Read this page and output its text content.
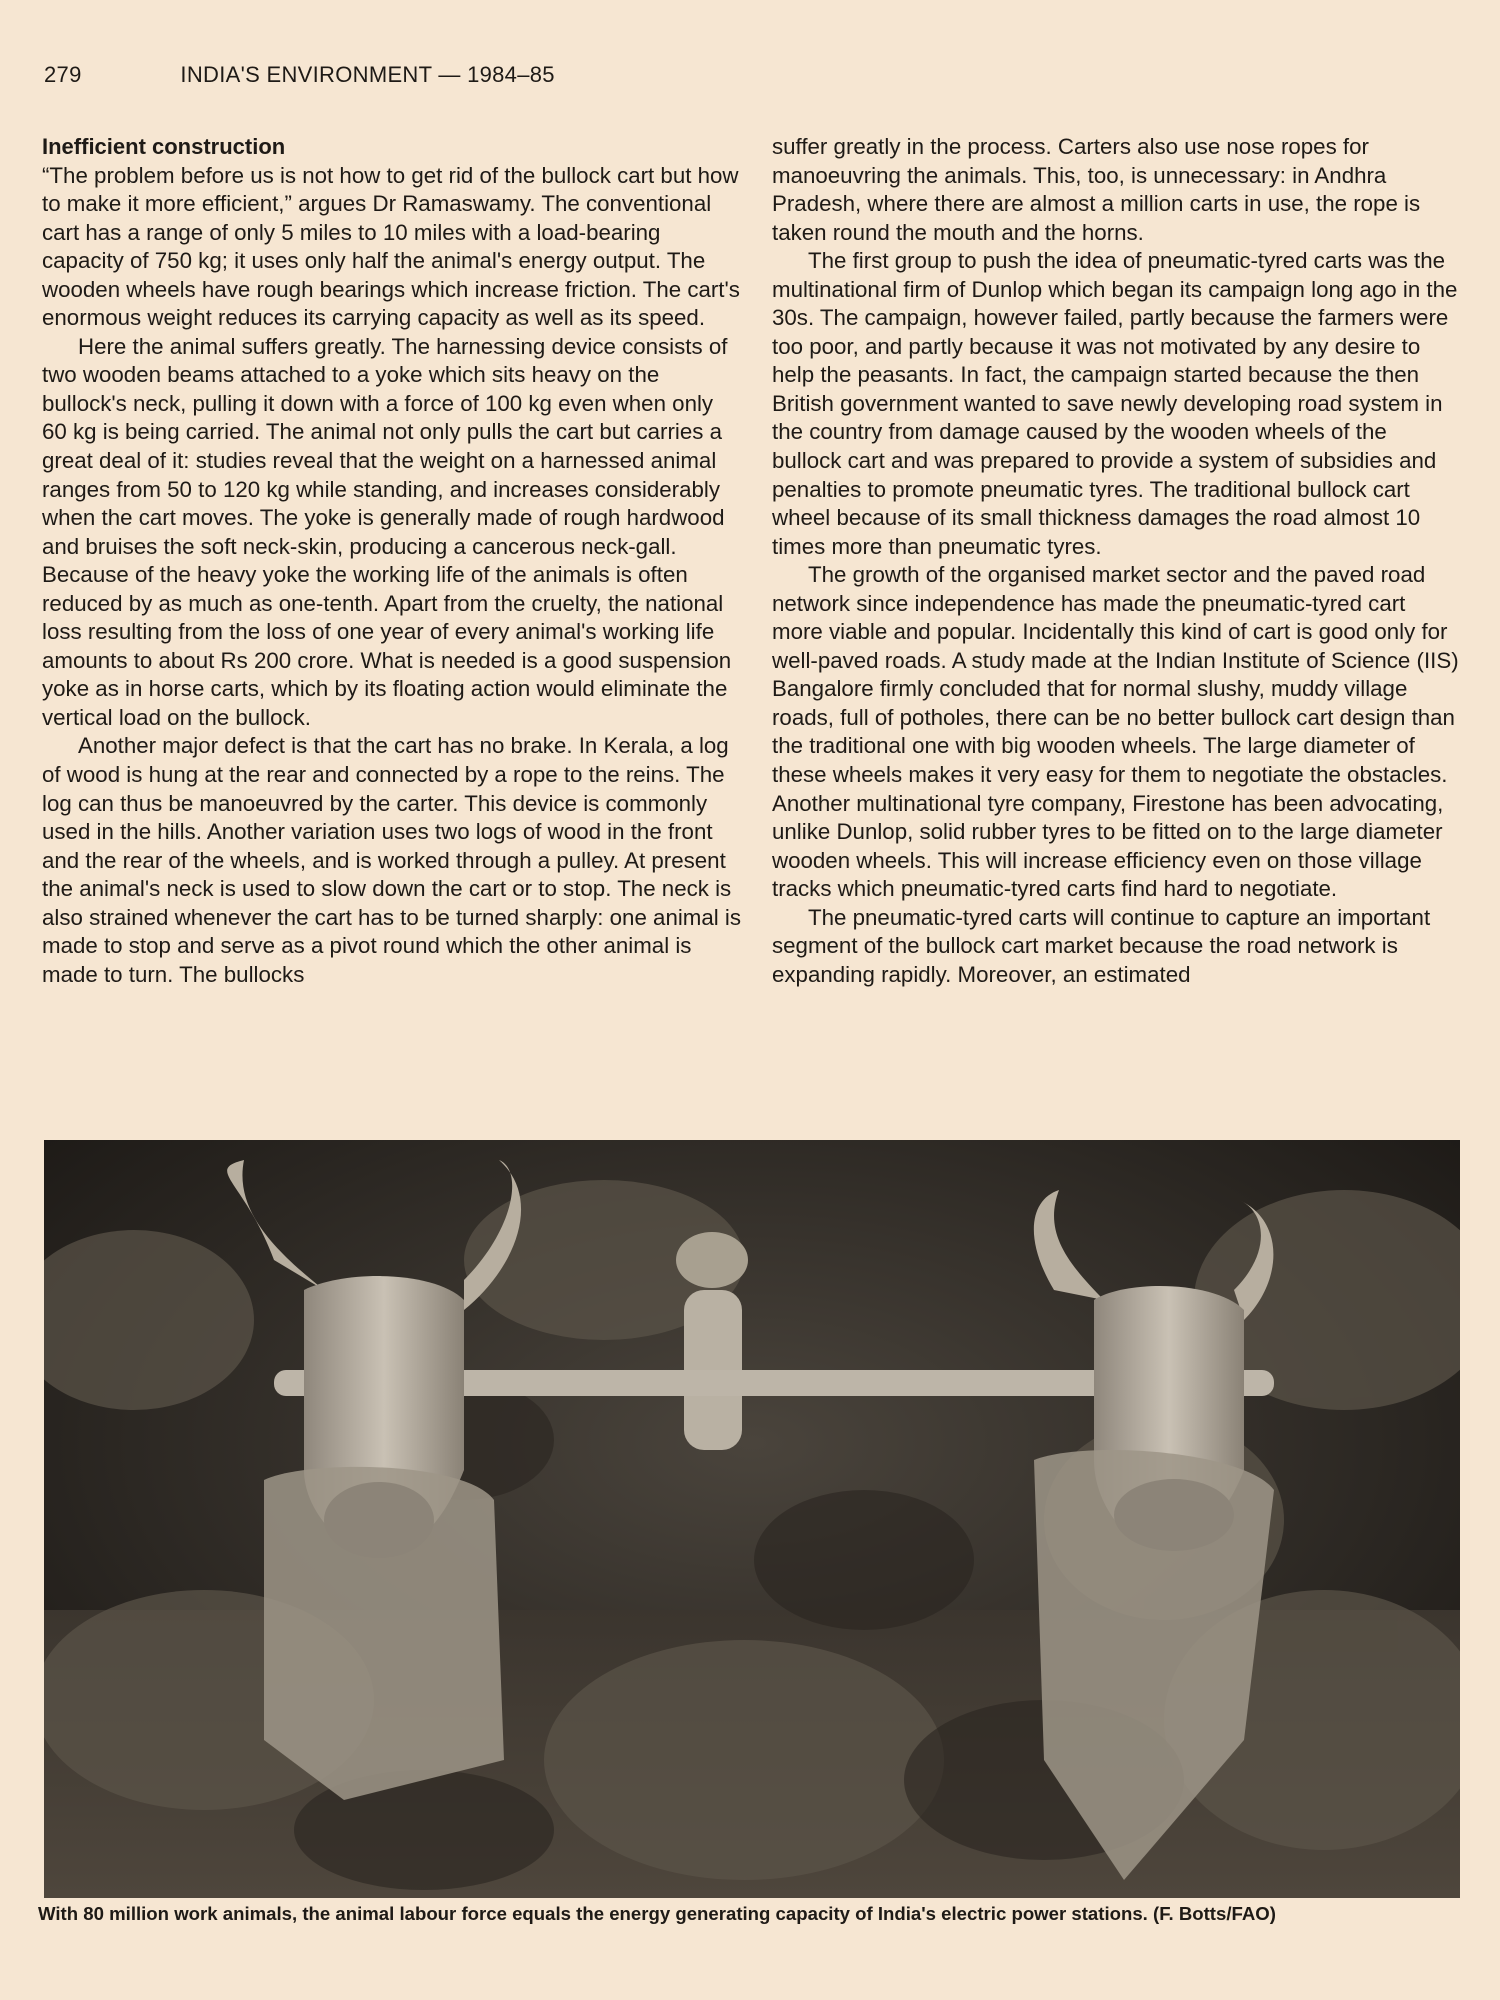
279	INDIA'S ENVIRONMENT — 1984–85
Inefficient construction

“The problem before us is not how to get rid of the bullock cart but how to make it more efficient,” argues Dr Ramaswamy. The conventional cart has a range of only 5 miles to 10 miles with a load-bearing capacity of 750 kg; it uses only half the animal's energy output. The wooden wheels have rough bearings which increase friction. The cart's enormous weight reduces its carrying capacity as well as its speed.

Here the animal suffers greatly. The harnessing device consists of two wooden beams attached to a yoke which sits heavy on the bullock's neck, pulling it down with a force of 100 kg even when only 60 kg is being carried. The animal not only pulls the cart but carries a great deal of it: studies reveal that the weight on a harnessed animal ranges from 50 to 120 kg while standing, and increases considerably when the cart moves. The yoke is generally made of rough hardwood and bruises the soft neck-skin, producing a cancerous neck-gall. Because of the heavy yoke the working life of the animals is often reduced by as much as one-tenth. Apart from the cruelty, the national loss resulting from the loss of one year of every animal's working life amounts to about Rs 200 crore. What is needed is a good suspension yoke as in horse carts, which by its floating action would eliminate the vertical load on the bullock.

Another major defect is that the cart has no brake. In Kerala, a log of wood is hung at the rear and connected by a rope to the reins. The log can thus be manoeuvred by the carter. This device is commonly used in the hills. Another variation uses two logs of wood in the front and the rear of the wheels, and is worked through a pulley. At present the animal's neck is used to slow down the cart or to stop. The neck is also strained whenever the cart has to be turned sharply: one animal is made to stop and serve as a pivot round which the other animal is made to turn. The bullocks

suffer greatly in the process. Carters also use nose ropes for manoeuvring the animals. This, too, is unnecessary: in Andhra Pradesh, where there are almost a million carts in use, the rope is taken round the mouth and the horns.

The first group to push the idea of pneumatic-tyred carts was the multinational firm of Dunlop which began its campaign long ago in the 30s. The campaign, however failed, partly because the farmers were too poor, and partly because it was not motivated by any desire to help the peasants. In fact, the campaign started because the then British government wanted to save newly developing road system in the country from damage caused by the wooden wheels of the bullock cart and was prepared to provide a system of subsidies and penalties to promote pneumatic tyres. The traditional bullock cart wheel because of its small thickness damages the road almost 10 times more than pneumatic tyres.

The growth of the organised market sector and the paved road network since independence has made the pneumatic-tyred cart more viable and popular. Incidentally this kind of cart is good only for well-paved roads. A study made at the Indian Institute of Science (IIS) Bangalore firmly concluded that for normal slushy, muddy village roads, full of potholes, there can be no better bullock cart design than the traditional one with big wooden wheels. The large diameter of these wheels makes it very easy for them to negotiate the obstacles. Another multinational tyre company, Firestone has been advocating, unlike Dunlop, solid rubber tyres to be fitted on to the large diameter wooden wheels. This will increase efficiency even on those village tracks which pneumatic-tyred carts find hard to negotiate.

The pneumatic-tyred carts will continue to capture an important segment of the bullock cart market because the road network is expanding rapidly. Moreover, an estimated

With 80 million work animals, the animal labour force equals the energy generating capacity of India's electric power stations. (F. Botts/FAO)
